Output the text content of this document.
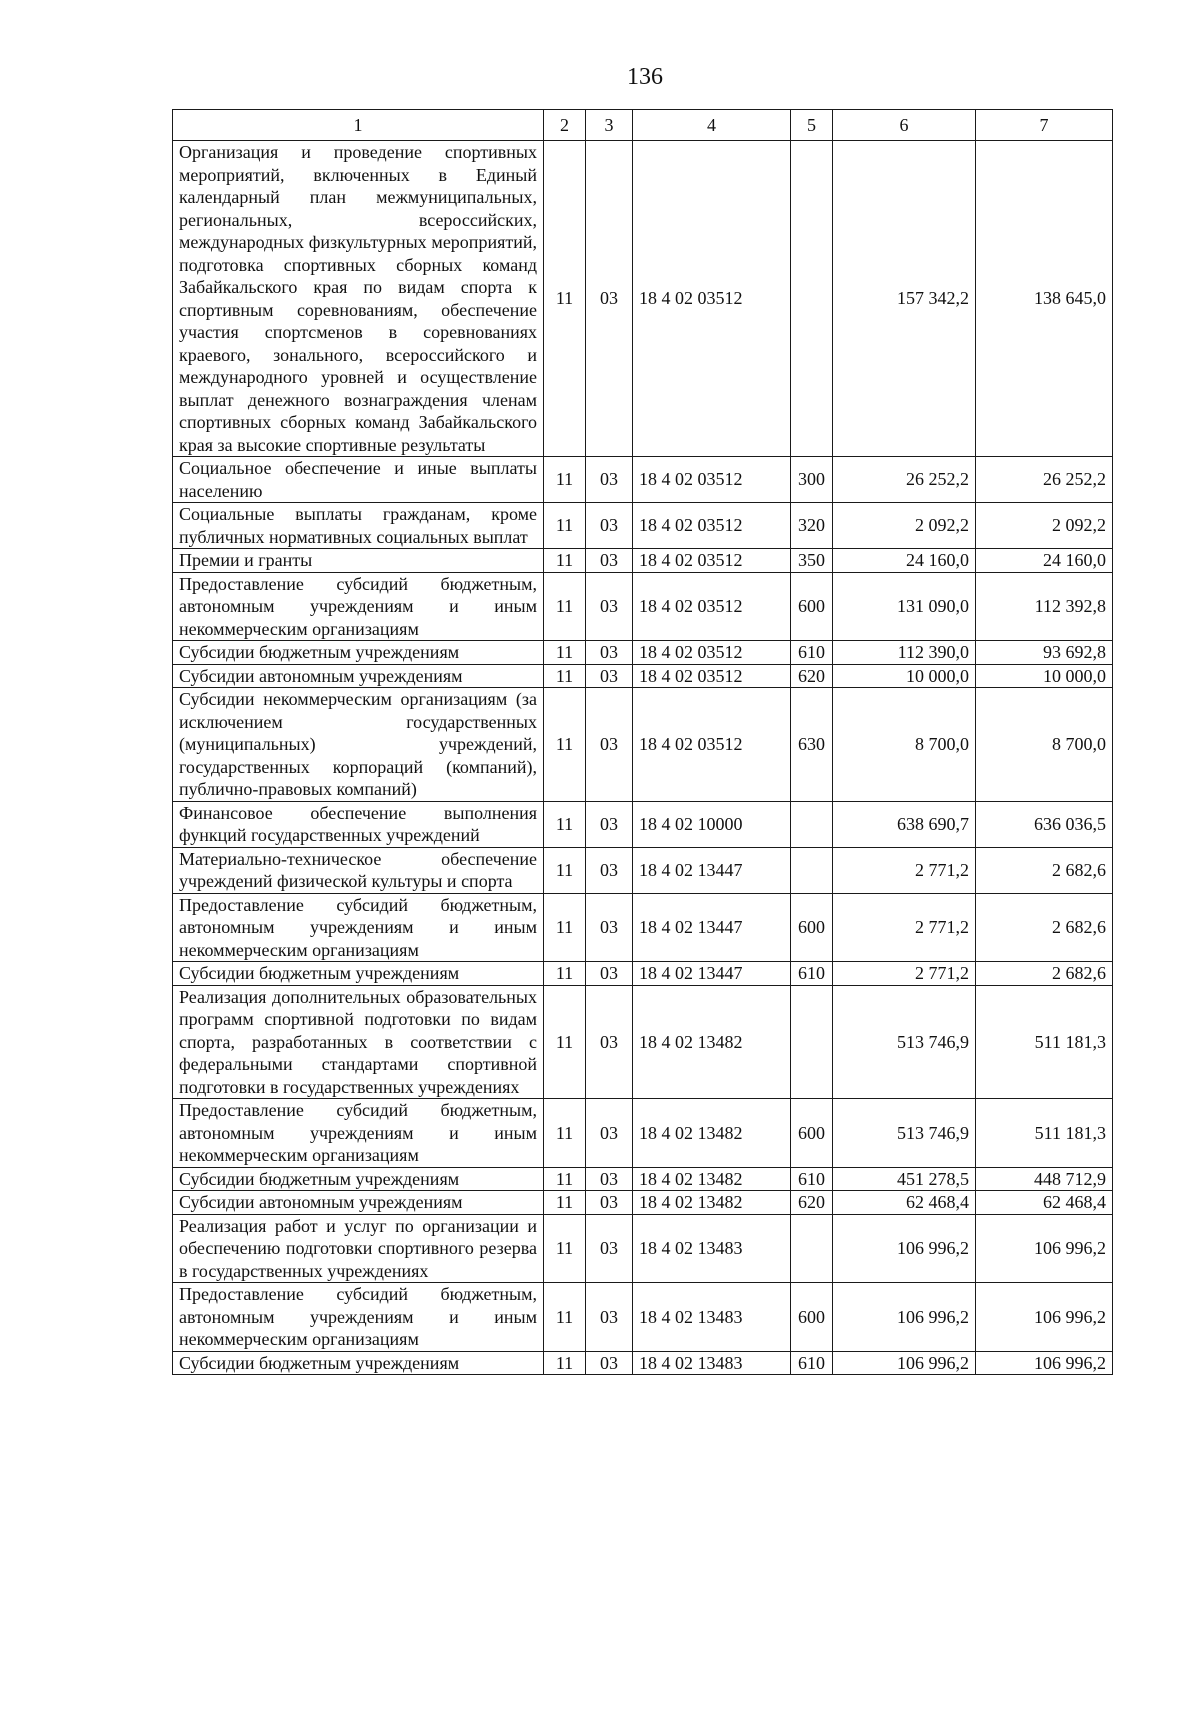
136
1	2	3	4	5	6	7
Организация и проведение спортивных мероприятий, включенных в Единый календарный план межмуниципальных, региональных, всероссийских, международных физкультурных мероприятий, подготовка спортивных сборных команд Забайкальского края по видам спорта к спортивным соревнованиям, обеспечение участия спортсменов в соревнованиях краевого, зонального, всероссийского и международного уровней и осуществление выплат денежного вознаграждения членам спортивных сборных команд Забайкальского края за высокие спортивные результаты	11	03	18 4 02 03512		157 342,2	138 645,0
Социальное обеспечение и иные выплаты населению	11	03	18 4 02 03512	300	26 252,2	26 252,2
Социальные выплаты гражданам, кроме публичных нормативных социальных выплат	11	03	18 4 02 03512	320	2 092,2	2 092,2
Премии и гранты	11	03	18 4 02 03512	350	24 160,0	24 160,0
Предоставление субсидий бюджетным, автономным учреждениям и иным некоммерческим организациям	11	03	18 4 02 03512	600	131 090,0	112 392,8
Субсидии бюджетным учреждениям	11	03	18 4 02 03512	610	112 390,0	93 692,8
Субсидии автономным учреждениям	11	03	18 4 02 03512	620	10 000,0	10 000,0
Субсидии некоммерческим организациям (за исключением государственных (муниципальных) учреждений, государственных корпораций (компаний), публично-правовых компаний)	11	03	18 4 02 03512	630	8 700,0	8 700,0
Финансовое обеспечение выполнения функций государственных учреждений	11	03	18 4 02 10000		638 690,7	636 036,5
Материально-техническое обеспечение учреждений физической культуры и спорта	11	03	18 4 02 13447		2 771,2	2 682,6
Предоставление субсидий бюджетным, автономным учреждениям и иным некоммерческим организациям	11	03	18 4 02 13447	600	2 771,2	2 682,6
Субсидии бюджетным учреждениям	11	03	18 4 02 13447	610	2 771,2	2 682,6
Реализация дополнительных образовательных программ спортивной подготовки по видам спорта, разработанных в соответствии с федеральными стандартами спортивной подготовки в государственных учреждениях	11	03	18 4 02 13482		513 746,9	511 181,3
Предоставление субсидий бюджетным, автономным учреждениям и иным некоммерческим организациям	11	03	18 4 02 13482	600	513 746,9	511 181,3
Субсидии бюджетным учреждениям	11	03	18 4 02 13482	610	451 278,5	448 712,9
Субсидии автономным учреждениям	11	03	18 4 02 13482	620	62 468,4	62 468,4
Реализация работ и услуг по организации и обеспечению подготовки спортивного резерва в государственных учреждениях	11	03	18 4 02 13483		106 996,2	106 996,2
Предоставление субсидий бюджетным, автономным учреждениям и иным некоммерческим организациям	11	03	18 4 02 13483	600	106 996,2	106 996,2
Субсидии бюджетным учреждениям	11	03	18 4 02 13483	610	106 996,2	106 996,2
